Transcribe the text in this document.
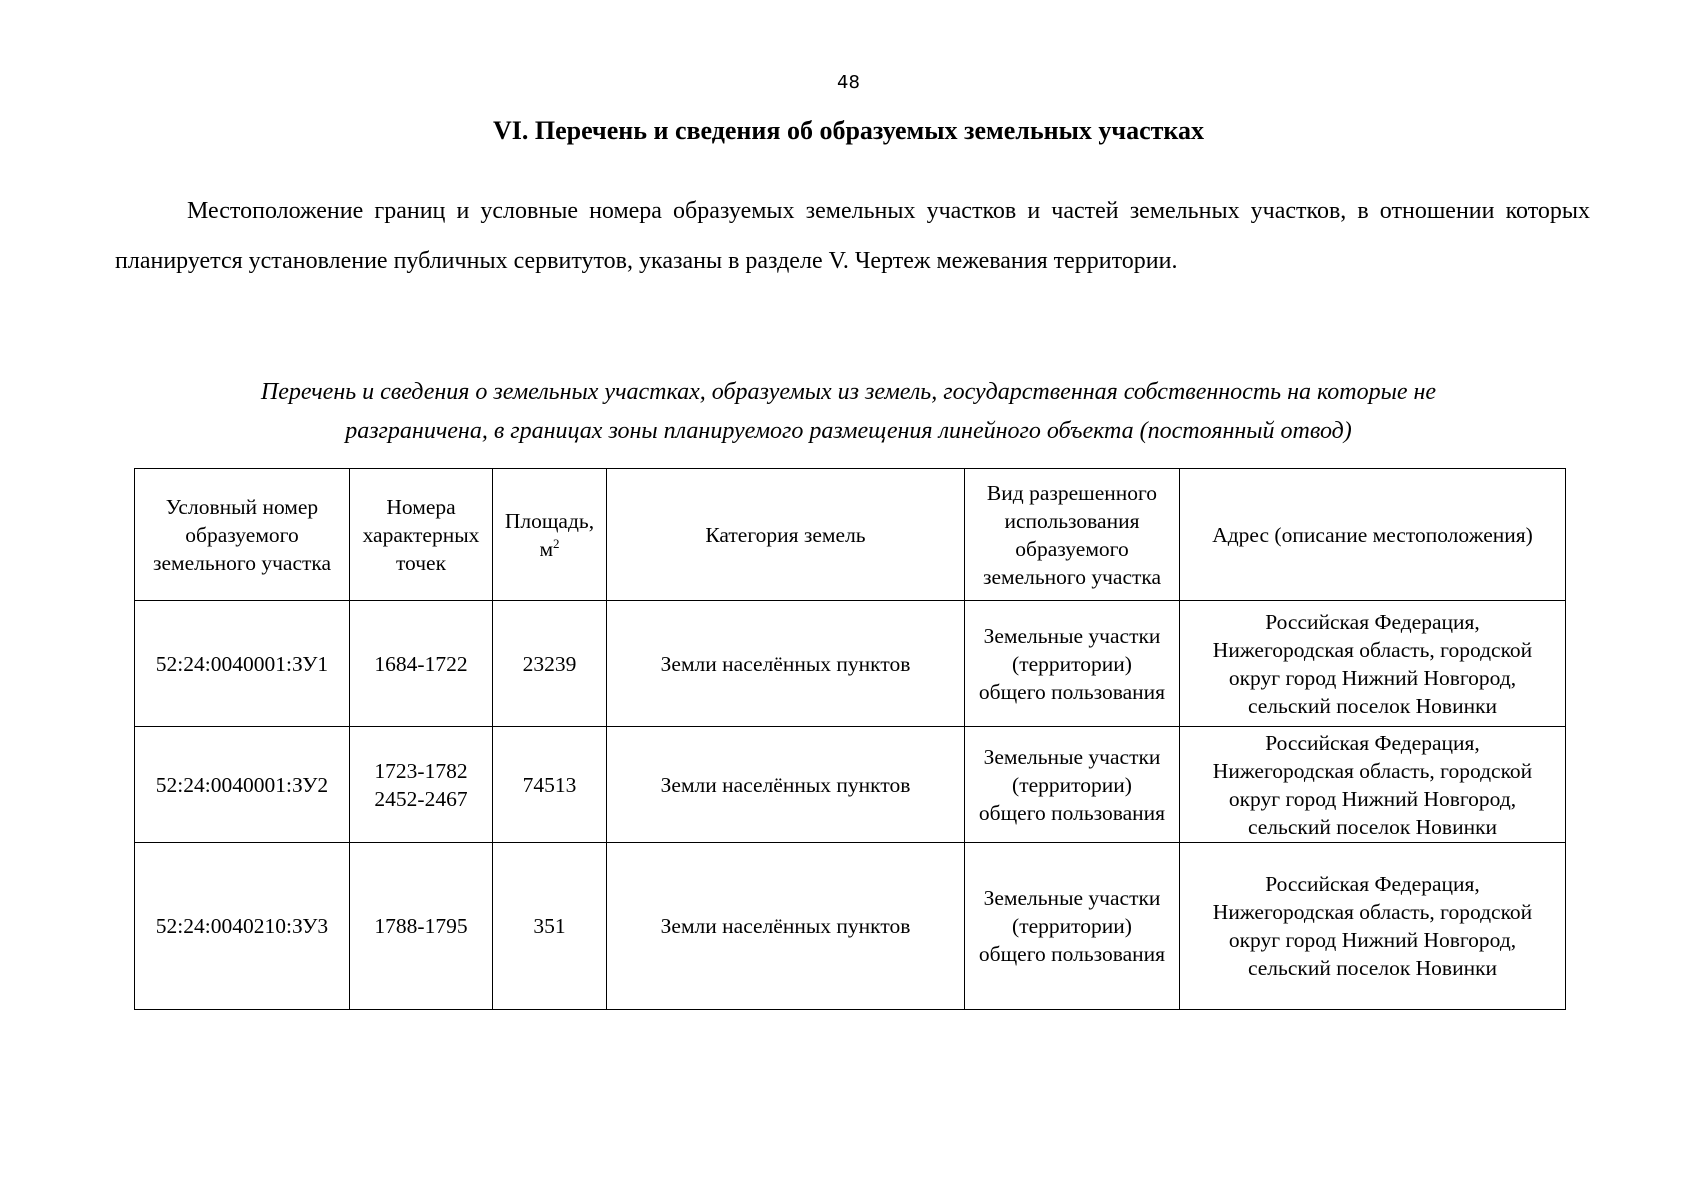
48
VI. Перечень и сведения об образуемых земельных участках

Местоположение границ и условные номера образуемых земельных участков и частей земельных участков, в отношении которых планируется установление публичных сервитутов, указаны в разделе V. Чертеж межевания территории.

Перечень и сведения о земельных участках, образуемых из земель, государственная собственность на которые не
разграничена, в границах зоны планируемого размещения линейного объекта (постоянный отвод)
Условный номер
образуемого
земельного участка	Номера
характерных
точек	Площадь,
$м^2$	Категория земель	Вид разрешенного
использования
образуемого
земельного участка	Адрес (описание местоположения)

52:24:0040001:ЗУ1	1684-1722	23239	Земли населённых пунктов	Земельные участки
(территории)
общего пользования	Российская Федерация,
Нижегородская область, городской
округ город Нижний Новгород,
сельский поселок Новинки

52:24:0040001:ЗУ2	1723-1782
2452-2467	74513	Земли населённых пунктов	Земельные участки
(территории)
общего пользования	Российская Федерация,
Нижегородская область, городской
округ город Нижний Новгород,
сельский поселок Новинки

52:24:0040210:ЗУ3	1788-1795	351	Земли населённых пунктов	Земельные участки
(территории)
общего пользования	Российская Федерация,
Нижегородская область, городской
округ город Нижний Новгород,
сельский поселок Новинки
